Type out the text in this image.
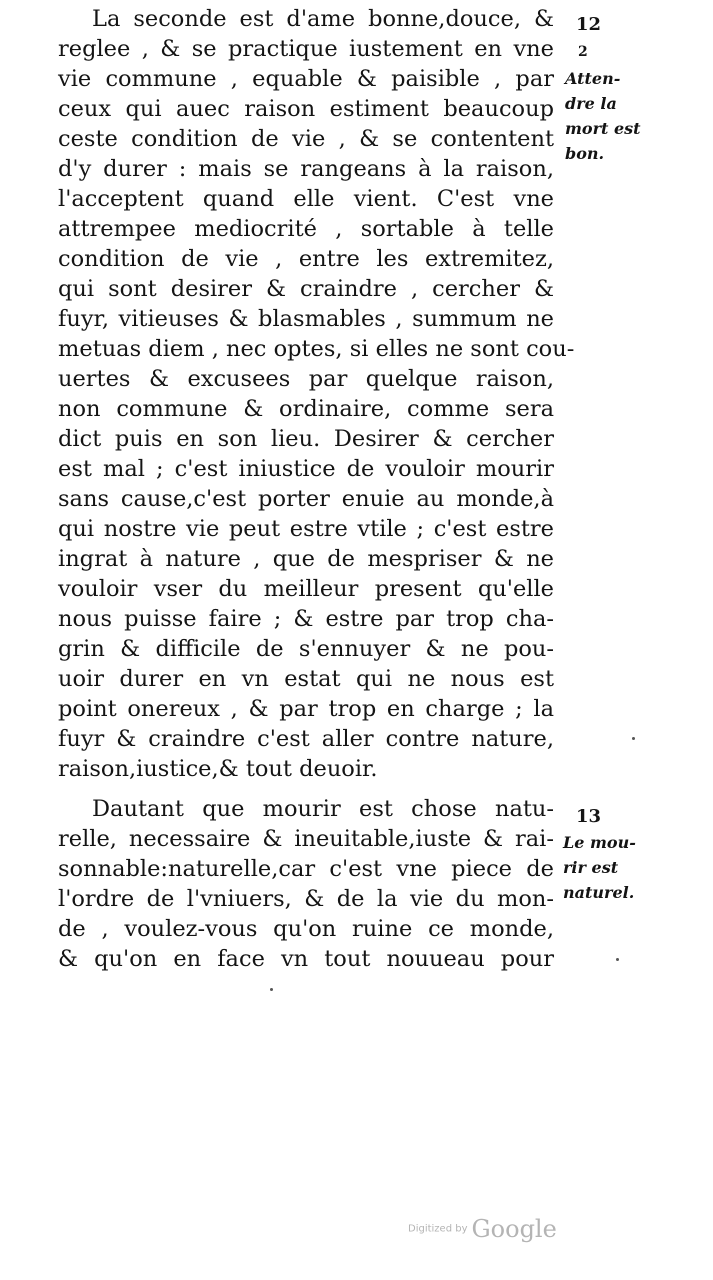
La seconde est d'ame bonne,douce, &
reglee , & se practique iustement en vne
vie commune , equable & paisible , par
ceux qui auec raison estiment beaucoup
ceste condition de vie , & se contentent
d'y durer : mais se rangeans à la raison,
l'acceptent quand elle vient. C'est vne
attrempee mediocrité , sortable à telle
condition de vie , entre les extremitez,
qui sont desirer & craindre , cercher &
fuyr, vitieuses & blasmables , summum ne
metuas diem , nec optes, si elles ne sont cou-
uertes & excusees par quelque raison,
non commune & ordinaire, comme sera
dict puis en son lieu. Desirer & cercher
est mal ; c'est iniustice de vouloir mourir
sans cause,c'est porter enuie au monde,à
qui nostre vie peut estre vtile ; c'est estre
ingrat à nature , que de mespriser & ne
vouloir vser du meilleur present qu'elle
nous puisse faire ; & estre par trop cha-
grin & difficile de s'ennuyer & ne pou-
uoir durer en vn estat qui ne nous est
point onereux , & par trop en charge ; la
fuyr & craindre c'est aller contre nature,
raison,iustice,& tout deuoir.
Dautant que mourir est chose natu-
relle, necessaire & ineuitable,iuste & rai-
sonnable:naturelle,car c'est vne piece de
l'ordre de l'vniuers, & de la vie du mon-
de , voulez-vous qu'on ruine ce monde,
& qu'on en face vn tout nouueau pour
12
2
Atten-
dre la
mort est
bon.
13
Le mou-
rir est
naturel.
Digitized by Google
